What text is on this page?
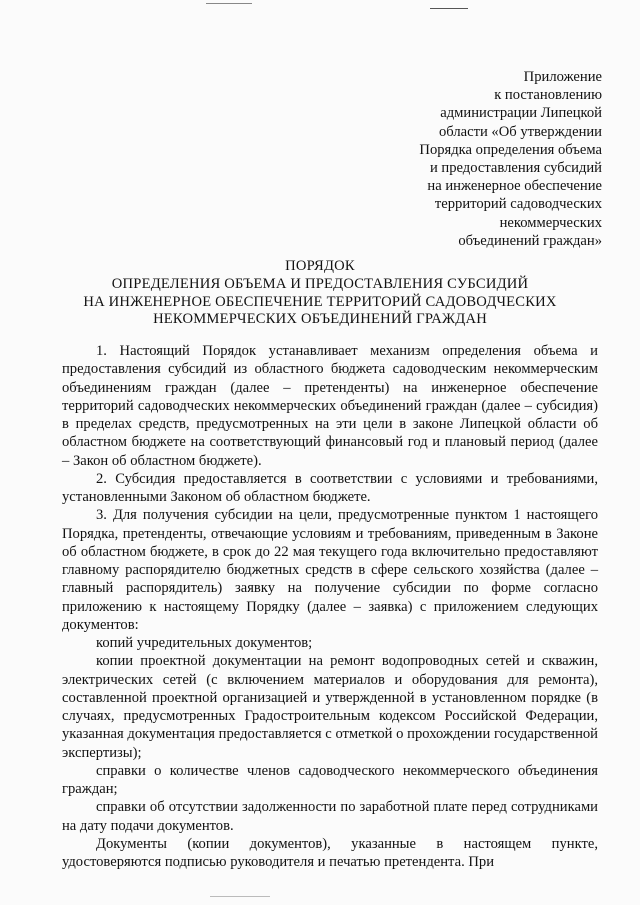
Приложение
к постановлению
администрации Липецкой
области «Об утверждении
Порядка определения объема
и предоставления субсидий
на инженерное обеспечение
территорий садоводческих
некоммерческих
объединений граждан»
ПОРЯДОК
ОПРЕДЕЛЕНИЯ ОБЪЕМА И ПРЕДОСТАВЛЕНИЯ СУБСИДИЙ
НА ИНЖЕНЕРНОЕ ОБЕСПЕЧЕНИЕ ТЕРРИТОРИЙ САДОВОДЧЕСКИХ
НЕКОММЕРЧЕСКИХ ОБЪЕДИНЕНИЙ ГРАЖДАН

1. Настоящий Порядок устанавливает механизм определения объема и предоставления субсидий из областного бюджета садоводческим некоммерческим объединениям граждан (далее – претенденты) на инженерное обеспечение территорий садоводческих некоммерческих объединений граждан (далее – субсидия) в пределах средств, предусмотренных на эти цели в законе Липецкой области об областном бюджете на соответствующий финансовый год и плановый период (далее – Закон об областном бюджете).

2. Субсидия предоставляется в соответствии с условиями и требованиями, установленными Законом об областном бюджете.

3. Для получения субсидии на цели, предусмотренные пунктом 1 настоящего Порядка, претенденты, отвечающие условиям и требованиям, приведенным в Законе об областном бюджете, в срок до 22 мая текущего года включительно предоставляют главному распорядителю бюджетных средств в сфере сельского хозяйства (далее – главный распорядитель) заявку на получение субсидии по форме согласно приложению к настоящему Порядку (далее – заявка) с приложением следующих документов:

копий учредительных документов;

копии проектной документации на ремонт водопроводных сетей и скважин, электрических сетей (с включением материалов и оборудования для ремонта), составленной проектной организацией и утвержденной в установленном порядке (в случаях, предусмотренных Градостроительным кодексом Российской Федерации, указанная документация предоставляется с отметкой о прохождении государственной экспертизы);

справки о количестве членов садоводческого некоммерческого объединения граждан;

справки об отсутствии задолженности по заработной плате перед сотрудниками на дату подачи документов.

Документы (копии документов), указанные в настоящем пункте, удостоверяются подписью руководителя и печатью претендента. При
